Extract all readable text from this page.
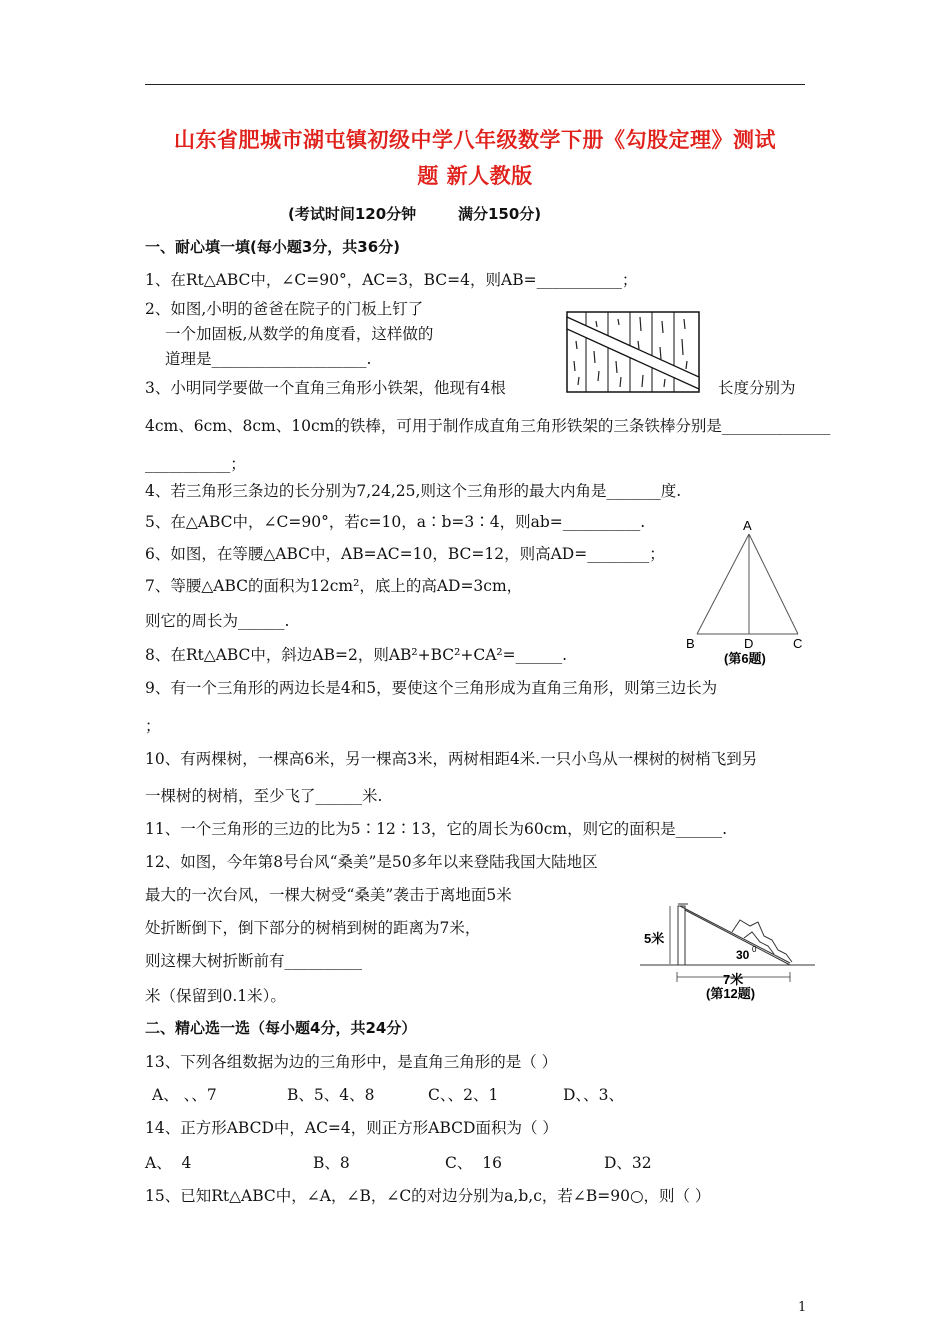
山东省肥城市湖屯镇初级中学八年级数学下册《勾股定理》测试
题 新人教版
(考试时间120分钟        满分150分)
一、耐心填一填(每小题3分，共36分)
1、在Rt△ABC中，∠C=90°，AC=3，BC=4，则AB=___________；
2、如图,小明的爸爸在院子的门板上钉了
一个加固板,从数学的角度看，这样做的
道理是____________________.
3、小明同学要做一个直角三角形小铁架，他现有4根	长度分别为
4cm、6cm、8cm、10cm的铁棒，可用于制作成直角三角形铁架的三条铁棒分别是______________
___________；
4、若三角形三条边的长分别为7,24,25,则这个三角形的最大内角是_______度.
5、在△ABC中，∠C=90°，若c=10，a∶b=3∶4，则ab=__________.
6、如图，在等腰△ABC中，AB=AC=10，BC=12，则高AD=________；
7、等腰△ABC的面积为12cm²，底上的高AD=3cm，
则它的周长为______.
8、在Rt△ABC中，斜边AB=2，则AB²+BC²+CA²=______.
A
B	D	C
(第6题)
9、有一个三角形的两边长是4和5，要使这个三角形成为直角三角形，则第三边长为
；
10、有两棵树，一棵高6米，另一棵高3米，两树相距4米.一只小鸟从一棵树的树梢飞到另
一棵树的树梢，至少飞了______米.
11、一个三角形的三边的比为5∶12∶13，它的周长为60cm，则它的面积是______.
12、如图，今年第8号台风“桑美”是50多年以来登陆我国大陆地区
最大的一次台风，一棵大树受“桑美”袭击于离地面5米
处折断倒下，倒下部分的树梢到树的距离为7米，
则这棵大树折断前有__________
米（保留到0.1米）。
5米
30 0
7米
(第12题)
二、精心选一选（每小题4分，共24分）
13、下列各组数据为边的三角形中，是直角三角形的是（ ）
A、 、、7	B、5、4、8	C、、2、1	D、、3、
14、正方形ABCD中，AC=4，则正方形ABCD面积为（ ）
A、  4	B、8	C、  16	D、32
15、已知Rt△ABC中，∠A，∠B，∠C的对边分别为a,b,c，若∠B=90○，则（ ）
1
